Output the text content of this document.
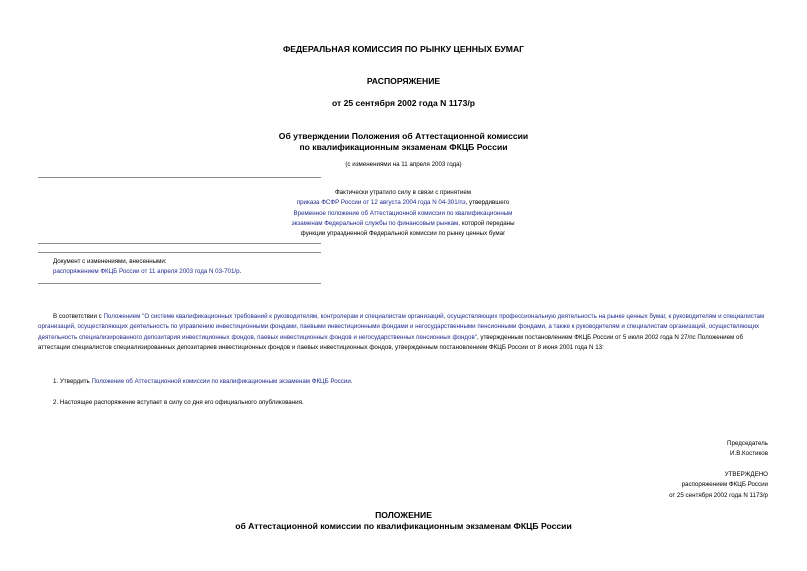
ФЕДЕРАЛЬНАЯ КОМИССИЯ ПО РЫНКУ ЦЕННЫХ БУМАГ
РАСПОРЯЖЕНИЕ
от 25 сентября 2002 года N 1173/р
Об утверждении Положения об Аттестационной комиссии
по квалификационным экзаменам ФКЦБ России
(с изменениями на 11 апреля 2003 года)
Фактически утратило силу в связи с принятием
приказа ФСФР России от 12 августа 2004 года N 04-301/пз, утвердившего
Временное положение об Аттестационной комиссии по квалификационным
экзаменам Федеральной службы по финансовым рынкам, которой переданы
функции упраздненной Федеральной комиссии по рынку ценных бумаг
Документ с изменениями, внесенными:
распоряжением ФКЦБ России от 11 апреля 2003 года N 03-701/р.
В соответствии с Положением "О системе квалификационных требований к руководителям, контролерам и специалистам организаций, осуществляющих профессиональную деятельность на рынке ценных бумаг, к руководителям и специалистам организаций, осуществляющих деятельность по управлению инвестиционными фондами, паевыми инвестиционными фондами и негосударственными пенсионными фондами, а также к руководителям и специалистам организаций, осуществляющих деятельность специализированного депозитария инвестиционных фондов, паевых инвестиционных фондов и негосударственных пенсионных фондов", утвержденным постановлением ФКЦБ России от 5 июля 2002 года N 27/пс Положением об аттестации специалистов специализированных депозитариев инвестиционных фондов и паевых инвестиционных фондов, утвержденным постановлением ФКЦБ России от 8 июня 2001 года N 13:
1. Утвердить Положение об Аттестационной комиссии по квалификационным экзаменам ФКЦБ России.
2. Настоящее распоряжение вступает в силу со дня его официального опубликования.
Председатель
И.В.Костиков
УТВЕРЖДЕНО
распоряжением ФКЦБ России
от 25 сентября 2002 года N 1173/р
ПОЛОЖЕНИЕ
об Аттестационной комиссии по квалификационным экзаменам ФКЦБ России
